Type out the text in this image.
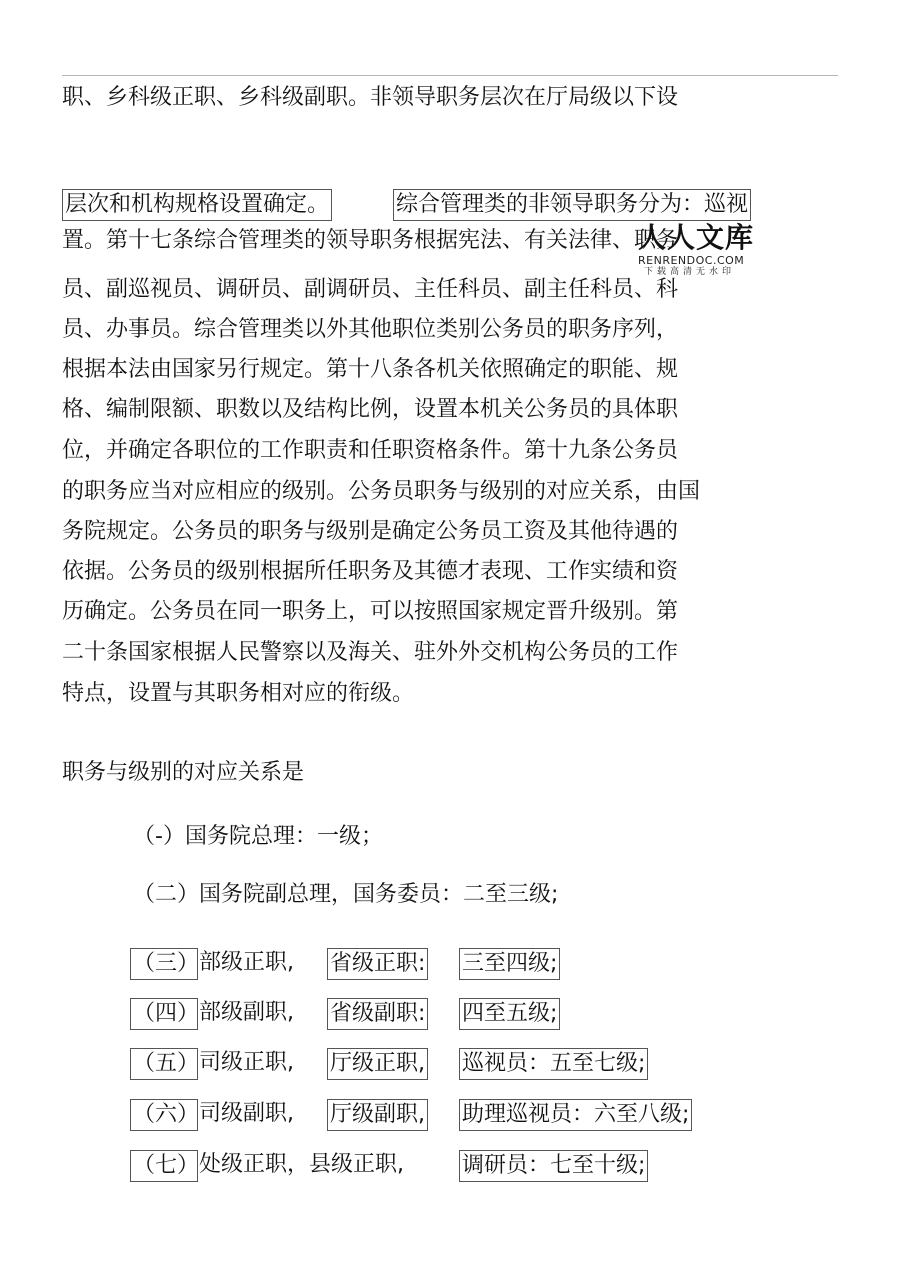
职、乡科级正职、乡科级副职。非领导职务层次在厅局级以下设
层次和机构规格设置确定。	综合管理类的非领导职务分为：巡视
置。第十七条综合管理类的领导职务根据宪法、有关法律、职务
员、副巡视员、调研员、副调研员、主任科员、副主任科员、科
员、办事员。综合管理类以外其他职位类别公务员的职务序列，
根据本法由国家另行规定。第十八条各机关依照确定的职能、规
格、编制限额、职数以及结构比例，设置本机关公务员的具体职
位，并确定各职位的工作职责和任职资格条件。第十九条公务员
的职务应当对应相应的级别。公务员职务与级别的对应关系，由国
务院规定。公务员的职务与级别是确定公务员工资及其他待遇的
依据。公务员的级别根据所任职务及其德才表现、工作实绩和资
历确定。公务员在同一职务上，可以按照国家规定晋升级别。第
二十条国家根据人民警察以及海关、驻外外交机构公务员的工作
特点，设置与其职务相对应的衔级。
人人文库
RENRENDOC.COM
下载高清无水印
职务与级别的对应关系是
（-）国务院总理：一级；
（二）国务院副总理，国务委员：二至三级;
（三） 部级正职, 省级正职: 三至四级;
（四） 部级副职, 省级副职: 四至五级;
（五） 司级正职, 厅级正职, 巡视员：五至七级;
（六） 司级副职, 厅级副职, 助理巡视员：六至八级;
（七） 处级正职，县级正职,	调研员：七至十级;
